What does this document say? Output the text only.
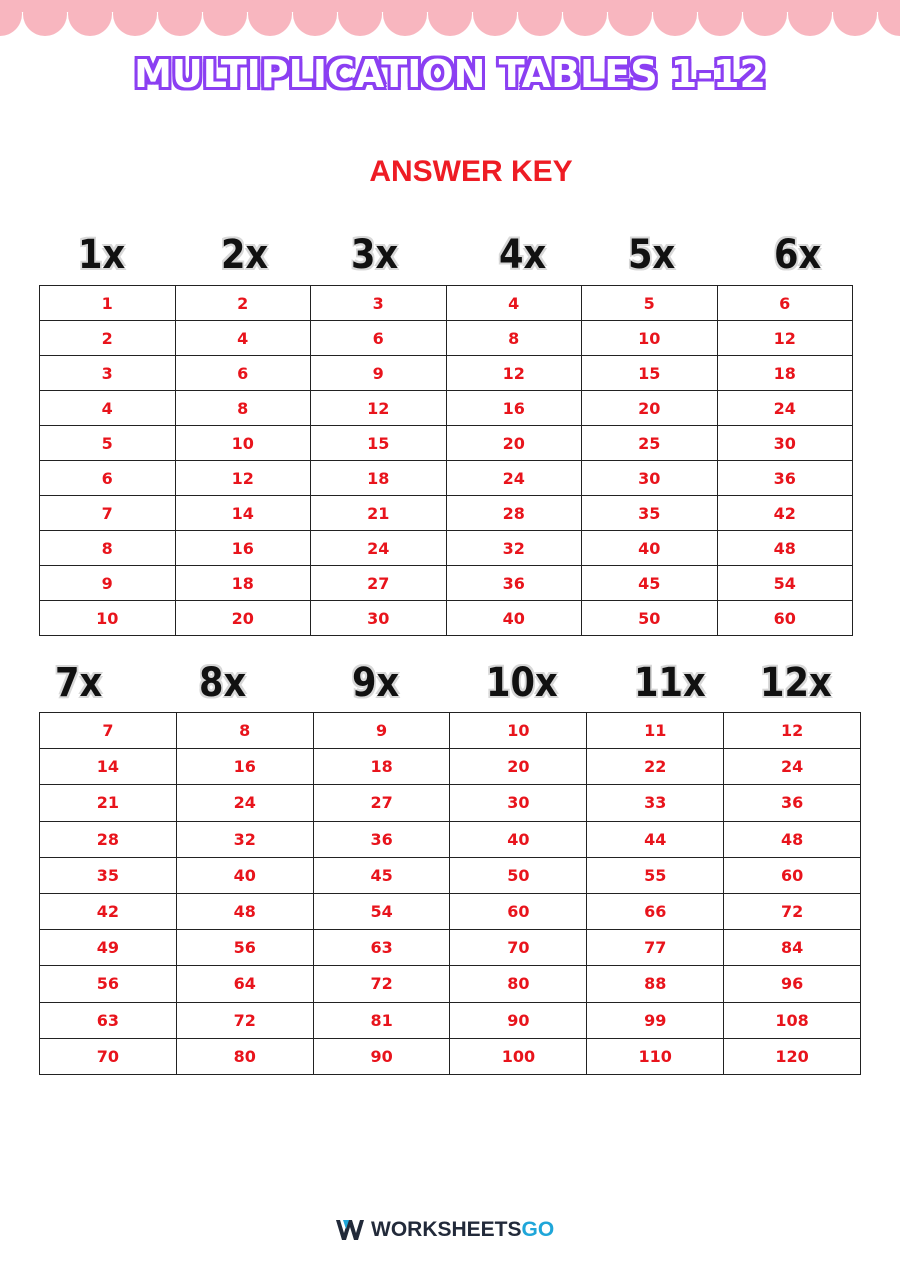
MULTIPLICATION TABLES 1-12
ANSWER KEY
1x 2x 3x	4x 5x 6x
1	2	3	4	5	6
2	4	6	8	10	12
3	6	9	12	15	18
4	8	12	16	20	24
5	10	15	20	25	30
6	12	18	24	30	36
7	14	21	28	35	42
8	16	24	32	40	48
9	18	27	36	45	54
10	20	30	40	50	60
7x 8x	9x 10x 11x 12x
7	8	9	10	11	12
14	16	18	20	22	24
21	24	27	30	33	36
28	32	36	40	44	48
35	40	45	50	55	60
42	48	54	60	66	72
49	56	63	70	77	84
56	64	72	80	88	96
63	72	81	90	99	108
70	80	90	100	110	120
WORKSHEETSGO
